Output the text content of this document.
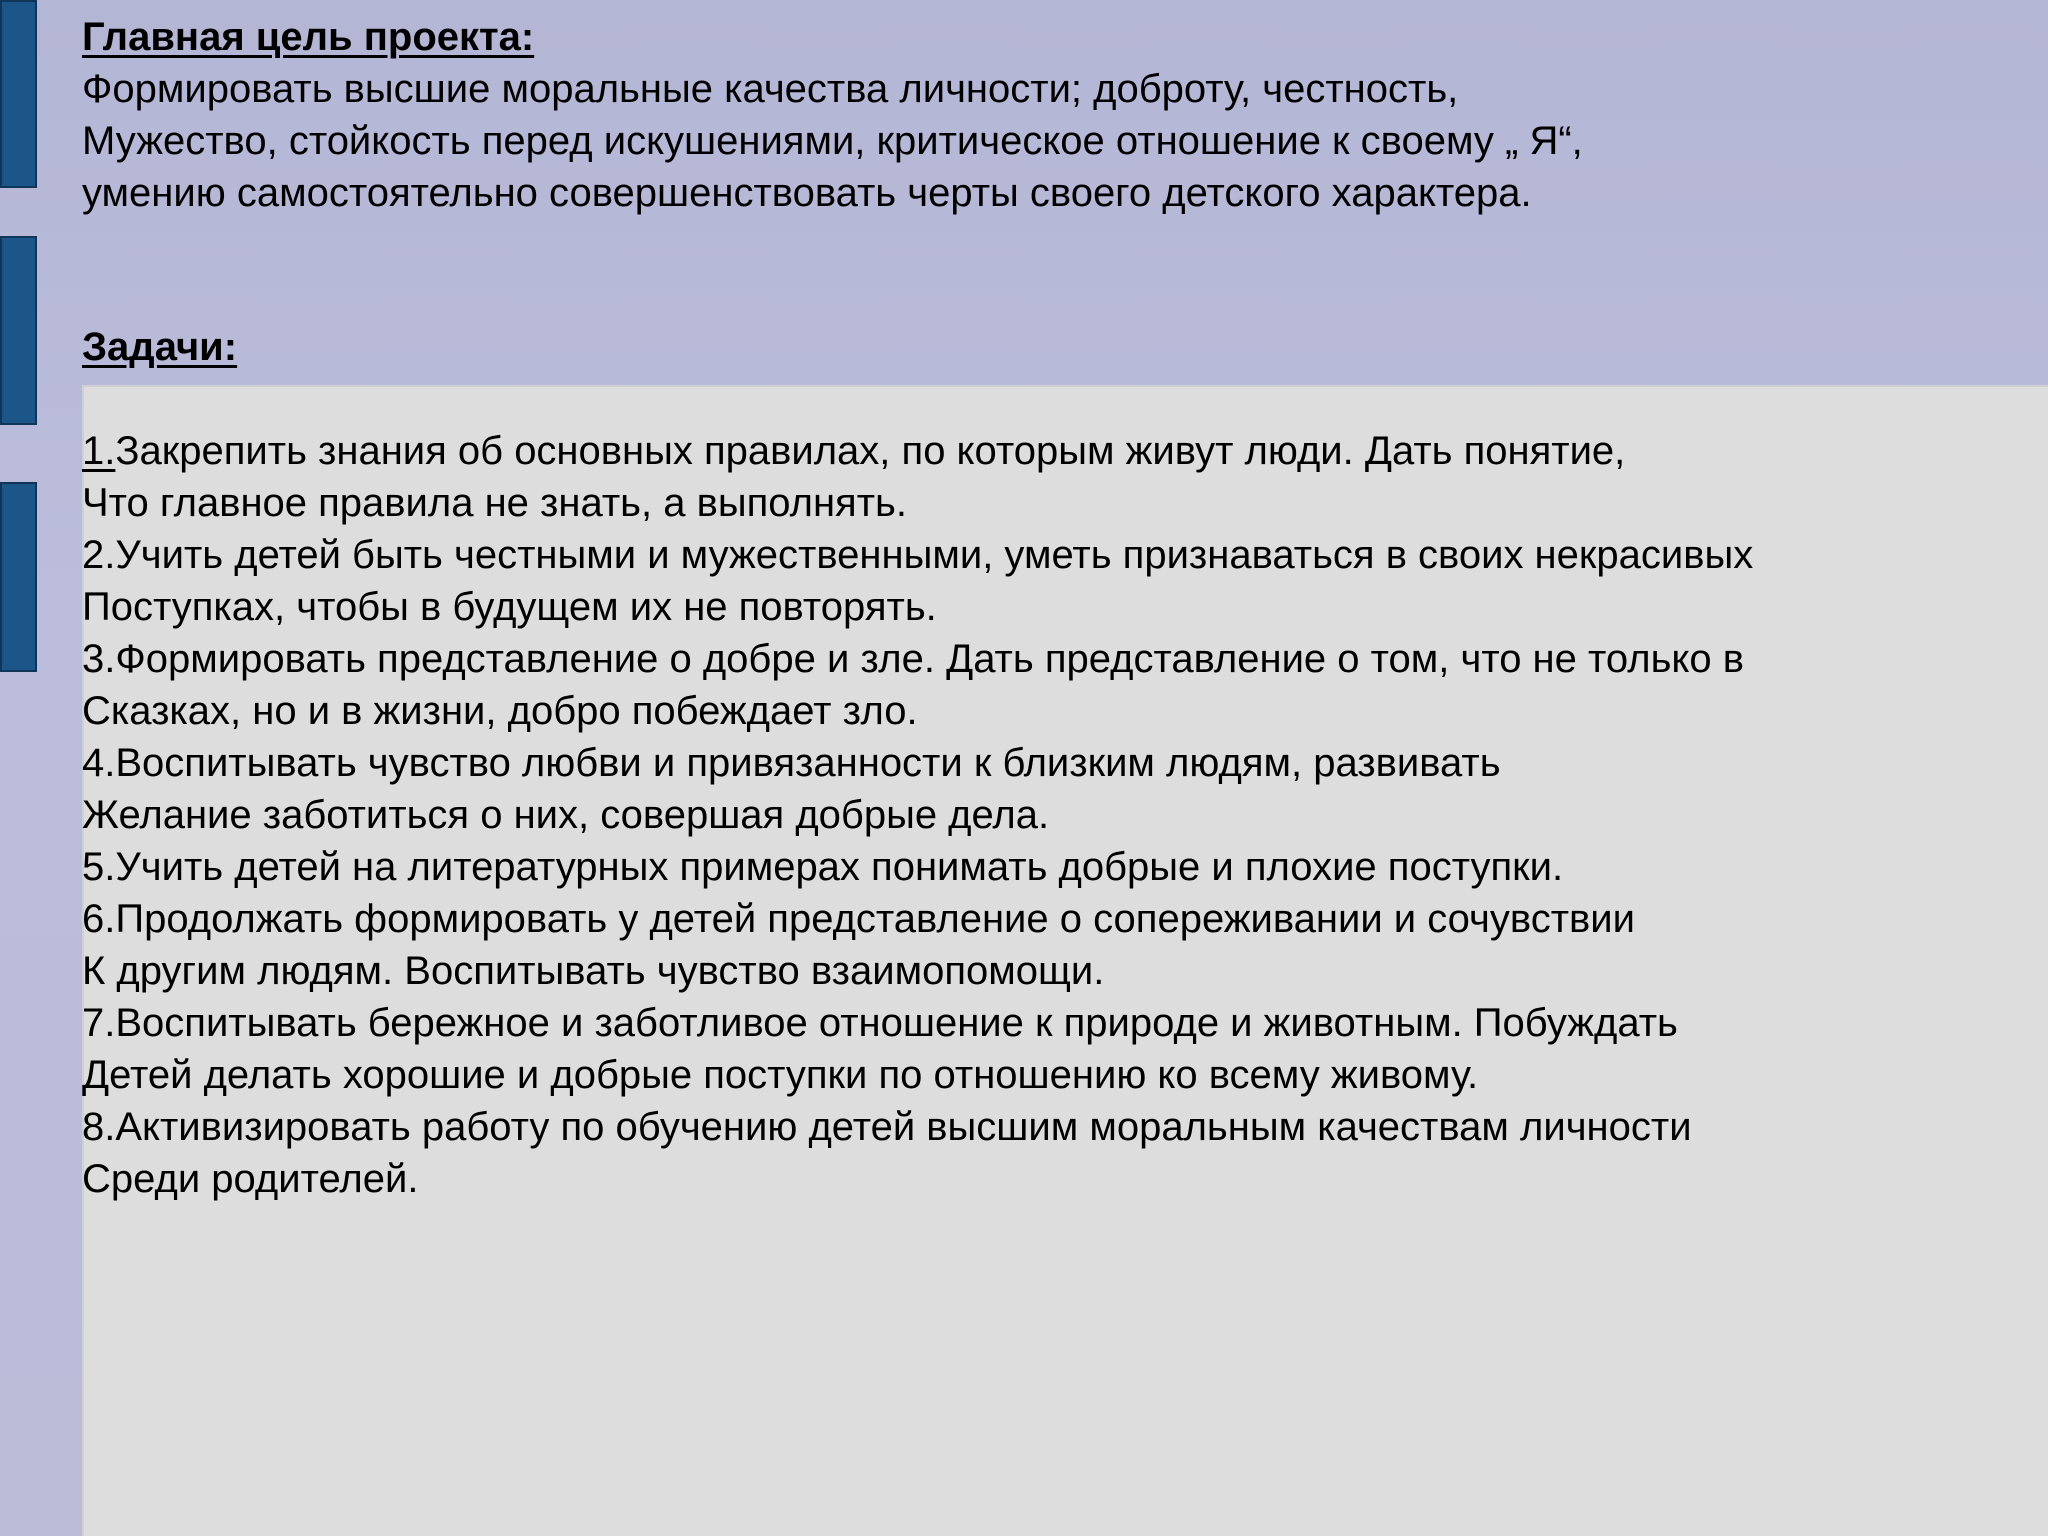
Главная цель проекта:
Формировать высшие моральные качества личности; доброту, честность,
Мужество, стойкость перед искушениями, критическое отношение к своему „ Я“,
умению самостоятельно совершенствовать черты своего детского характера.
Задачи:
1.Закрепить знания об основных правилах, по которым живут люди. Дать понятие,
Что главное правила не знать, а выполнять.
2.Учить детей быть честными и мужественными, уметь признаваться в своих некрасивых
Поступках, чтобы в будущем их не повторять.
3.Формировать представление о добре и зле. Дать представление о том, что не только в
Сказках, но и в жизни, добро побеждает зло.
4.Воспитывать чувство любви и привязанности к близким людям, развивать
Желание заботиться о них, совершая добрые дела.
5.Учить детей на литературных примерах понимать добрые и плохие поступки.
6.Продолжать формировать у детей представление о сопереживании и сочувствии
К другим людям. Воспитывать чувство взаимопомощи.
7.Воспитывать бережное и заботливое отношение к природе и животным. Побуждать
Детей делать хорошие и добрые поступки по отношению ко всему живому.
8.Активизировать работу по обучению детей высшим моральным качествам личности
Среди родителей.
